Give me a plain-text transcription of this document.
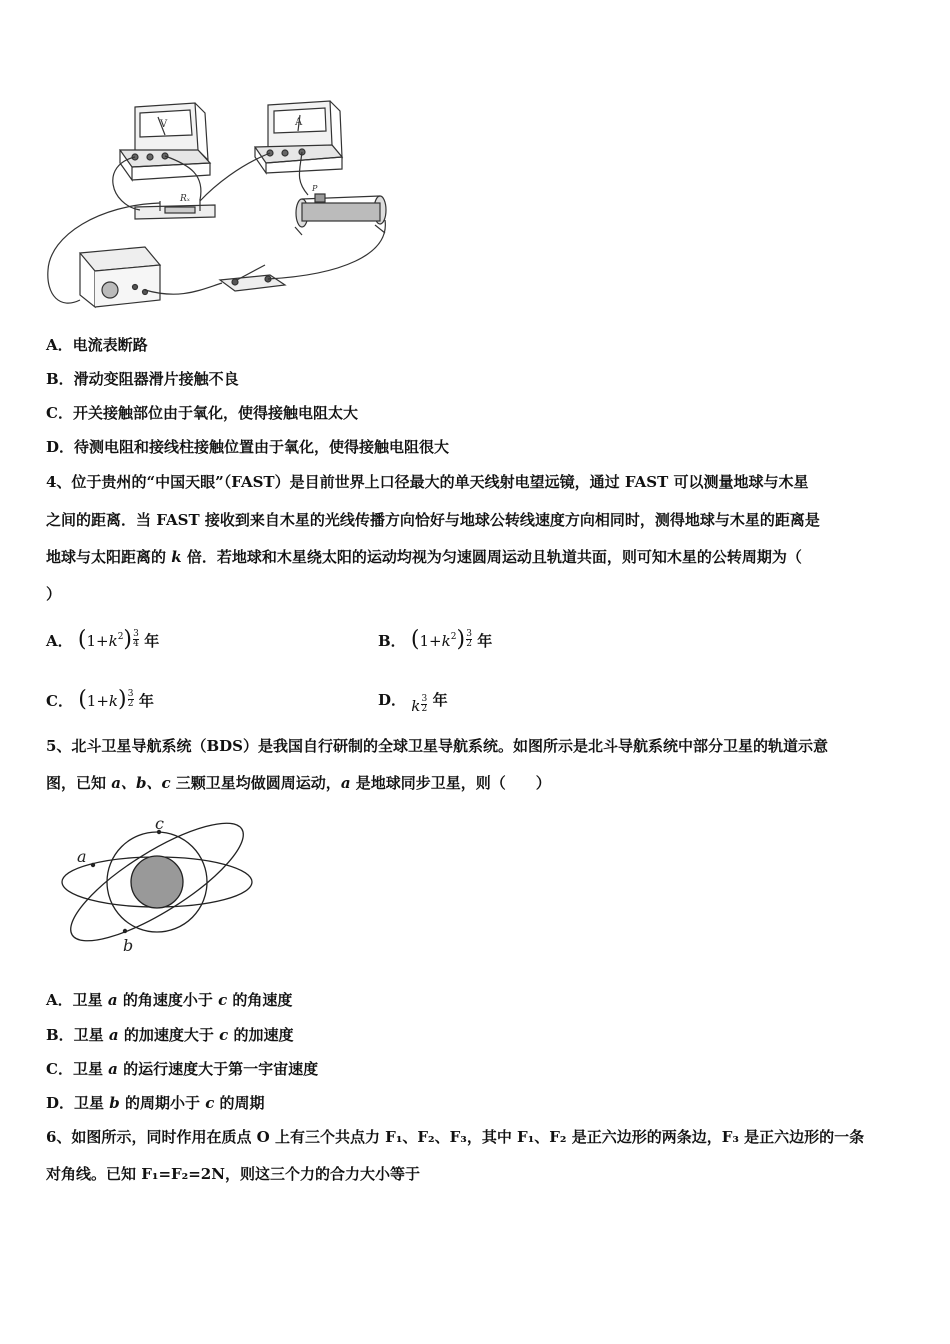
V	A
Rₓ
P
A．电流表断路
B．滑动变阻器滑片接触不良
C．开关接触部位由于氧化，使得接触电阻太大
D．待测电阻和接线柱接触位置由于氧化，使得接触电阻很大
4、位于贵州的“中国天眼”（FAST）是目前世界上口径最大的单天线射电望远镜，通过 FAST 可以测量地球与木星
之间的距离．当 FAST 接收到来自木星的光线传播方向恰好与地球公转线速度方向相同时，测得地球与木星的距离是
地球与太阳距离的 k 倍．若地球和木星绕太阳的运动均视为匀速圆周运动且轨道共面，则可知木星的公转周期为（
）
A． ( 1+ k 2 ) $\frac{3}{4}$ 年	B． ( 1+ k 2 ) $\frac{3}{2}$ 年
C． ( 1+ k ) $\frac{3}{2}$ 年	D． k $\frac{3}{2}$ 年
5、北斗卫星导航系统（BDS）是我国自行研制的全球卫星导航系统。如图所示是北斗导航系统中部分卫星的轨道示意
图，已知 a、b、c 三颗卫星均做圆周运动，a 是地球同步卫星，则（　　）
a
b
c
A．卫星 a 的角速度小于 c 的角速度
B．卫星 a 的加速度大于 c 的加速度
C．卫星 a 的运行速度大于第一宇宙速度
D．卫星 b 的周期小于 c 的周期
6、如图所示，同时作用在质点 O 上有三个共点力 F₁、F₂、F₃，其中 F₁、F₂ 是正六边形的两条边，F₃ 是正六边形的一条
对角线。已知 F₁=F₂=2N，则这三个力的合力大小等于
